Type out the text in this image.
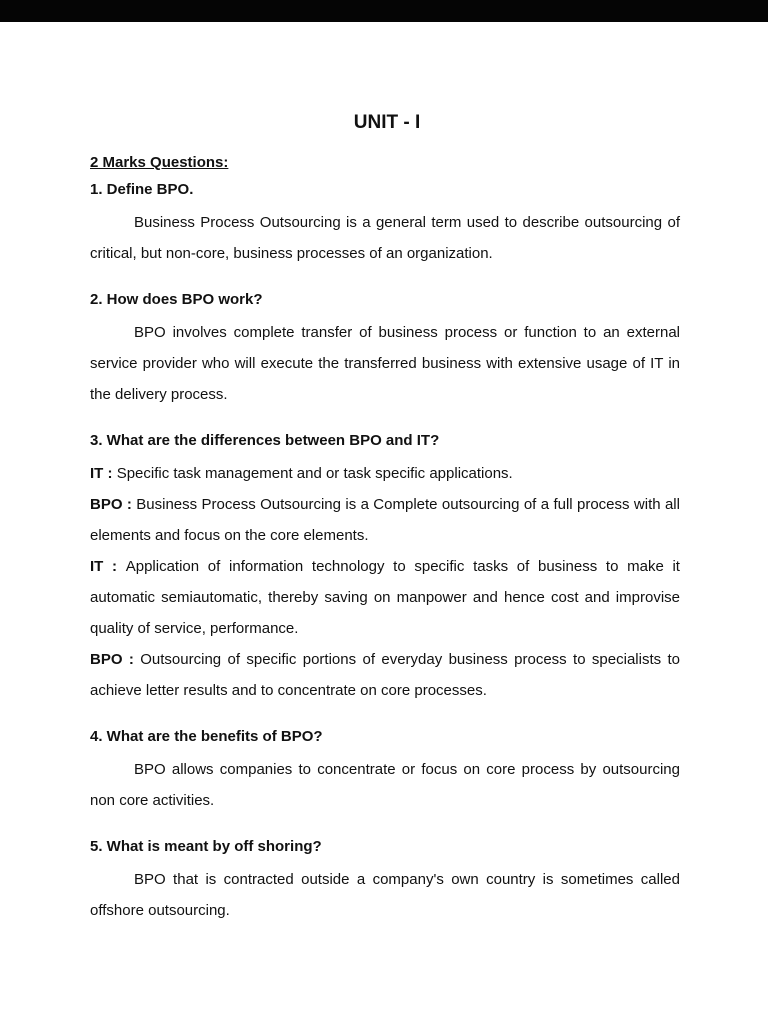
UNIT - I
2 Marks Questions:
1. Define BPO.

Business Process Outsourcing is a general term used to describe outsourcing of critical, but non-core, business processes of an organization.

2. How does BPO work?

BPO involves complete transfer of business process or function to an external service provider who will execute the transferred business with extensive usage of IT in the delivery process.

3. What are the differences between BPO and IT?

IT : Specific task management and or task specific applications.

BPO : Business Process Outsourcing is a Complete outsourcing of a full process with all elements and focus on the core elements.

IT : Application of information technology to specific tasks of business to make it automatic semiautomatic, thereby saving on manpower and hence cost and improvise quality of service, performance.

BPO : Outsourcing of specific portions of everyday business process to specialists to achieve letter results and to concentrate on core processes.

4. What are the benefits of BPO?

BPO allows companies to concentrate or focus on core process by outsourcing non core activities.

5. What is meant by off shoring?

BPO that is contracted outside a company's own country is sometimes called offshore outsourcing.
